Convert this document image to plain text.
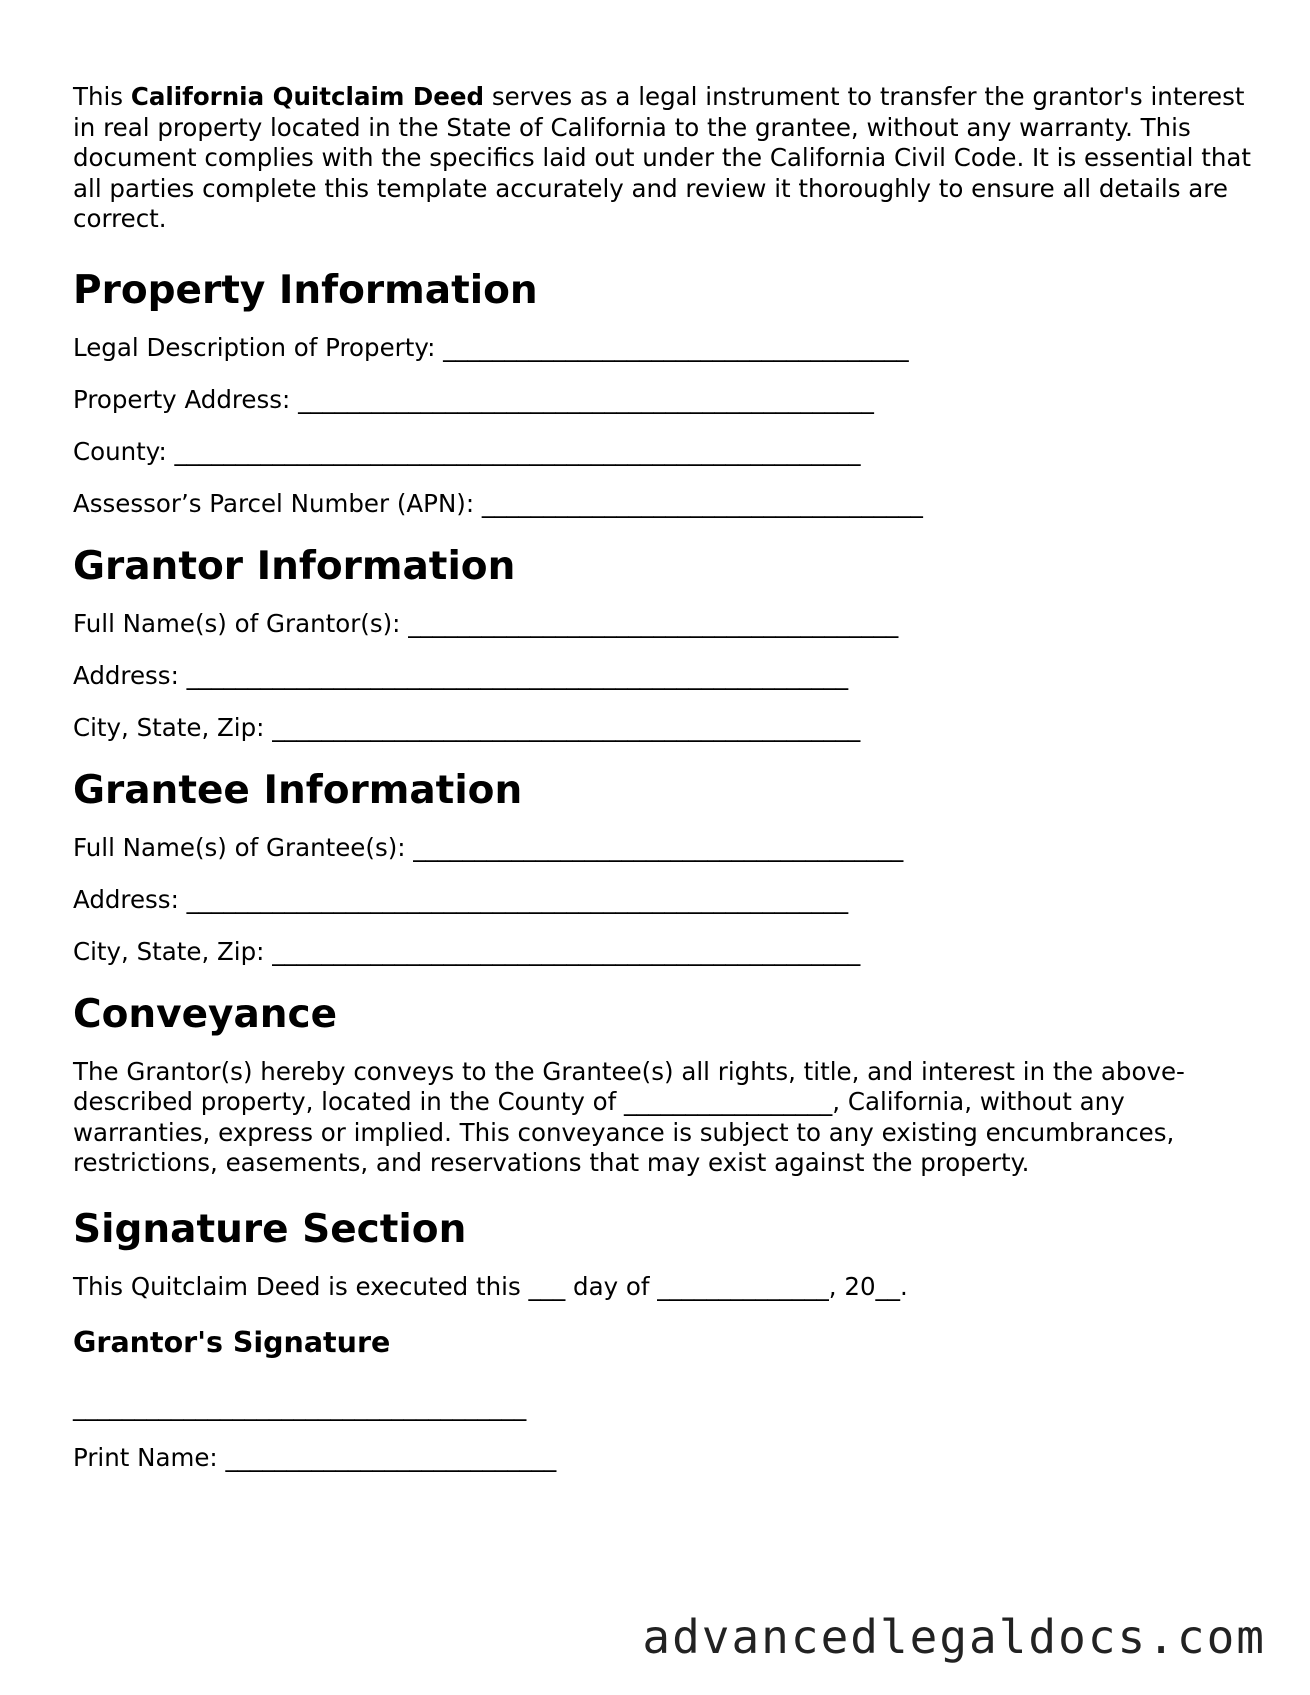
This California Quitclaim Deed serves as a legal instrument to transfer the grantor's interest in real property located in the State of California to the grantee, without any warranty. This document complies with the specifics laid out under the California Civil Code. It is essential that all parties complete this template accurately and review it thoroughly to ensure all details are correct.

Property Information

Legal Description of Property: ______________________________________

Property Address: _______________________________________________

County: ________________________________________________________

Assessor’s Parcel Number (APN): ____________________________________

Grantor Information

Full Name(s) of Grantor(s): ________________________________________

Address: ______________________________________________________

City, State, Zip: ________________________________________________

Grantee Information

Full Name(s) of Grantee(s): ________________________________________

Address: ______________________________________________________

City, State, Zip: ________________________________________________

Conveyance

The Grantor(s) hereby conveys to the Grantee(s) all rights, title, and interest in the above-described property, located in the County of _________________, California, without any warranties, express or implied. This conveyance is subject to any existing encumbrances, restrictions, easements, and reservations that may exist against the property.

Signature Section

This Quitclaim Deed is executed this ___ day of ______________, 20__.

Grantor's Signature

_____________________________________

Print Name: ___________________________

advancedlegaldocs.com
